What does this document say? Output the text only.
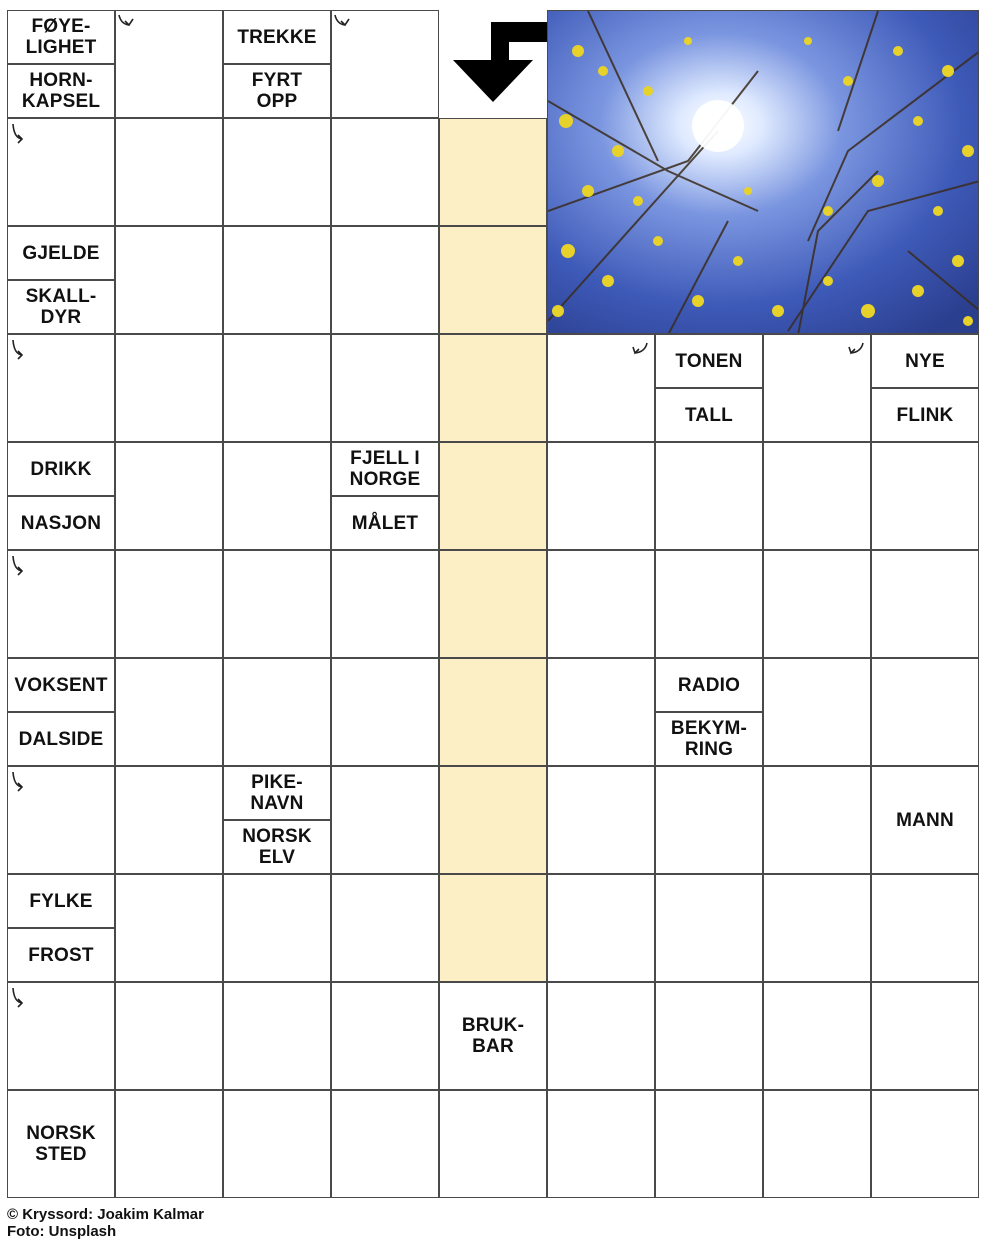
FØYE-
LIGHET
HORN-
KAPSEL
TREKKE
FYRT
OPP
GJELDE
SKALL-
DYR
TONEN
TALL
NYE
FLINK
DRIKK
NASJON
FJELL I
NORGE
MÅLET
VOKSENT
DALSIDE
RADIO
BEKYM-
RING
PIKE-
NAVN
NORSK
ELV
MANN
FYLKE
FROST
BRUK-
BAR
NORSK
STED
© Kryssord: Joakim Kalmar
Foto: Unsplash
